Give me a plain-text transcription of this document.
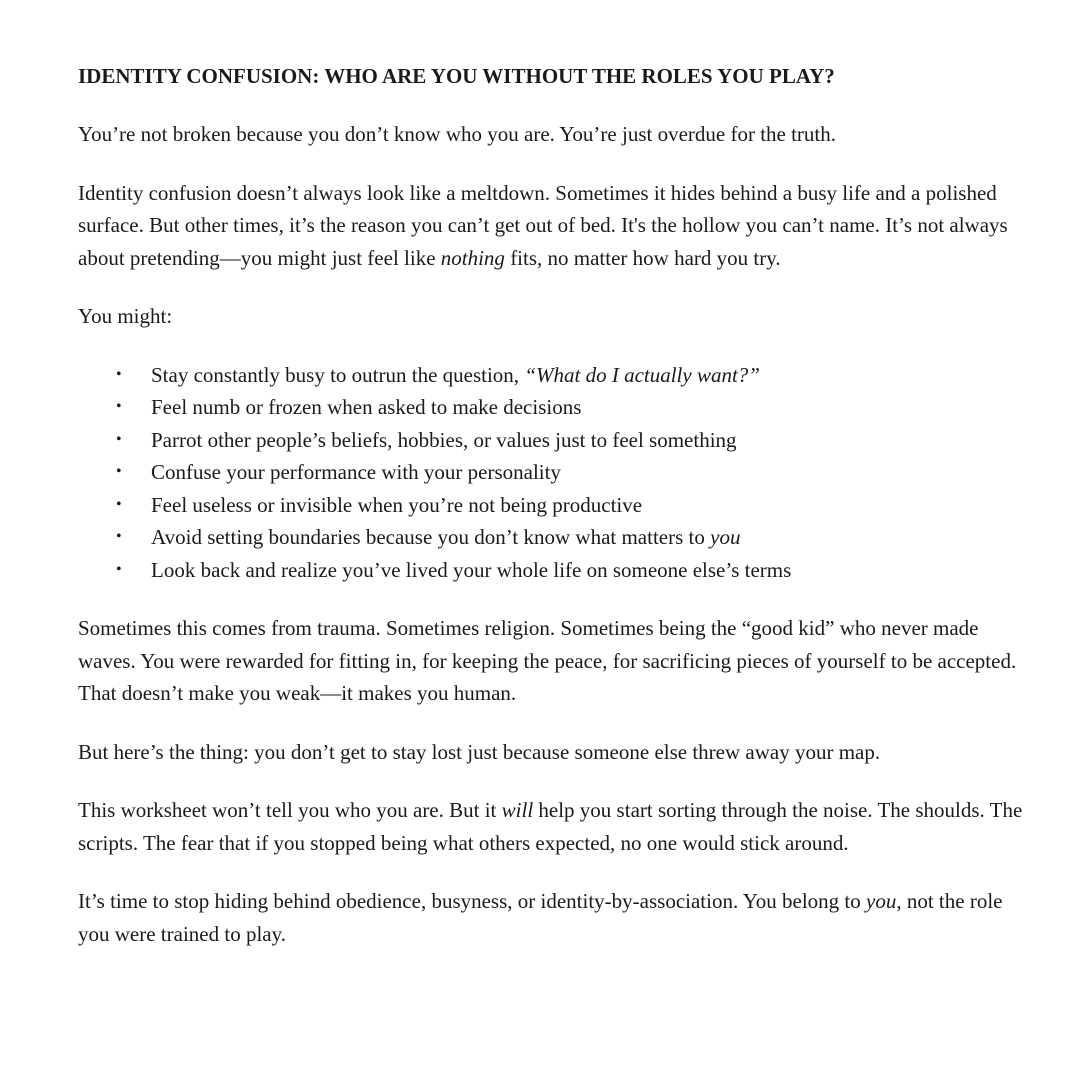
IDENTITY CONFUSION: WHO ARE YOU WITHOUT THE ROLES YOU PLAY?

You’re not broken because you don’t know who you are. You’re just overdue for the truth.

Identity confusion doesn’t always look like a meltdown. Sometimes it hides behind a busy life and a polished surface. But other times, it’s the reason you can’t get out of bed. It's the hollow you can’t name. It’s not always about pretending—you might just feel like nothing fits, no matter how hard you try.

You might:

• Stay constantly busy to outrun the question, “What do I actually want?”
• Feel numb or frozen when asked to make decisions
• Parrot other people’s beliefs, hobbies, or values just to feel something
• Confuse your performance with your personality
• Feel useless or invisible when you’re not being productive
• Avoid setting boundaries because you don’t know what matters to you
• Look back and realize you’ve lived your whole life on someone else’s terms

Sometimes this comes from trauma. Sometimes religion. Sometimes being the “good kid” who never made waves. You were rewarded for fitting in, for keeping the peace, for sacrificing pieces of yourself to be accepted. That doesn’t make you weak—it makes you human.

But here’s the thing: you don’t get to stay lost just because someone else threw away your map.

This worksheet won’t tell you who you are. But it will help you start sorting through the noise. The shoulds. The scripts. The fear that if you stopped being what others expected, no one would stick around.

It’s time to stop hiding behind obedience, busyness, or identity-by-association. You belong to you, not the role you were trained to play.
